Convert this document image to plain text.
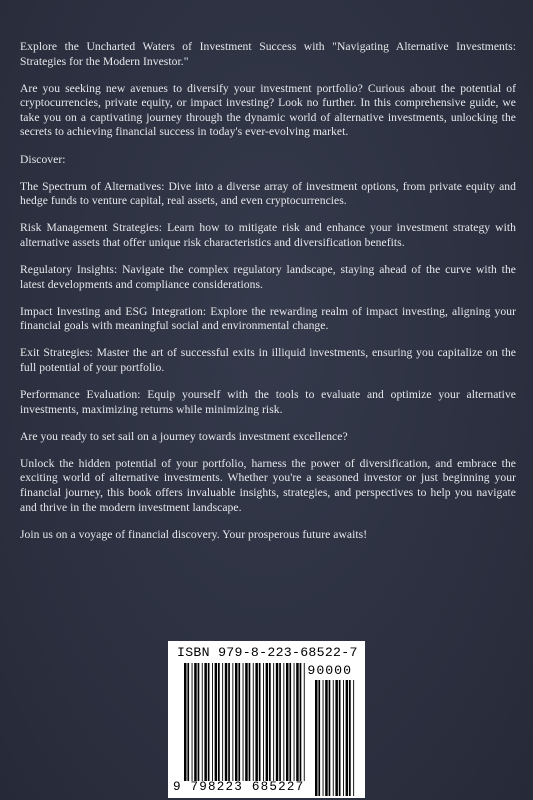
Explore the Uncharted Waters of Investment Success with "Navigating Alternative Investments: Strategies for the Modern Investor."

Are you seeking new avenues to diversify your investment portfolio? Curious about the potential of cryptocurrencies, private equity, or impact investing? Look no further. In this comprehensive guide, we take you on a captivating journey through the dynamic world of alternative investments, unlocking the secrets to achieving financial success in today's ever-evolving market.

Discover:

The Spectrum of Alternatives: Dive into a diverse array of investment options, from private equity and hedge funds to venture capital, real assets, and even cryptocurrencies.

Risk Management Strategies: Learn how to mitigate risk and enhance your investment strategy with alternative assets that offer unique risk characteristics and diversification benefits.

Regulatory Insights: Navigate the complex regulatory landscape, staying ahead of the curve with the latest developments and compliance considerations.

Impact Investing and ESG Integration: Explore the rewarding realm of impact investing, aligning your financial goals with meaningful social and environmental change.

Exit Strategies: Master the art of successful exits in illiquid investments, ensuring you capitalize on the full potential of your portfolio.

Performance Evaluation: Equip yourself with the tools to evaluate and optimize your alternative investments, maximizing returns while minimizing risk.

Are you ready to set sail on a journey towards investment excellence?

Unlock the hidden potential of your portfolio, harness the power of diversification, and embrace the exciting world of alternative investments. Whether you're a seasoned investor or just beginning your financial journey, this book offers invaluable insights, strategies, and perspectives to help you navigate and thrive in the modern investment landscape.

Join us on a voyage of financial discovery. Your prosperous future awaits!

ISBN 979-8-223-68522-7
90000
9 798223 685227
